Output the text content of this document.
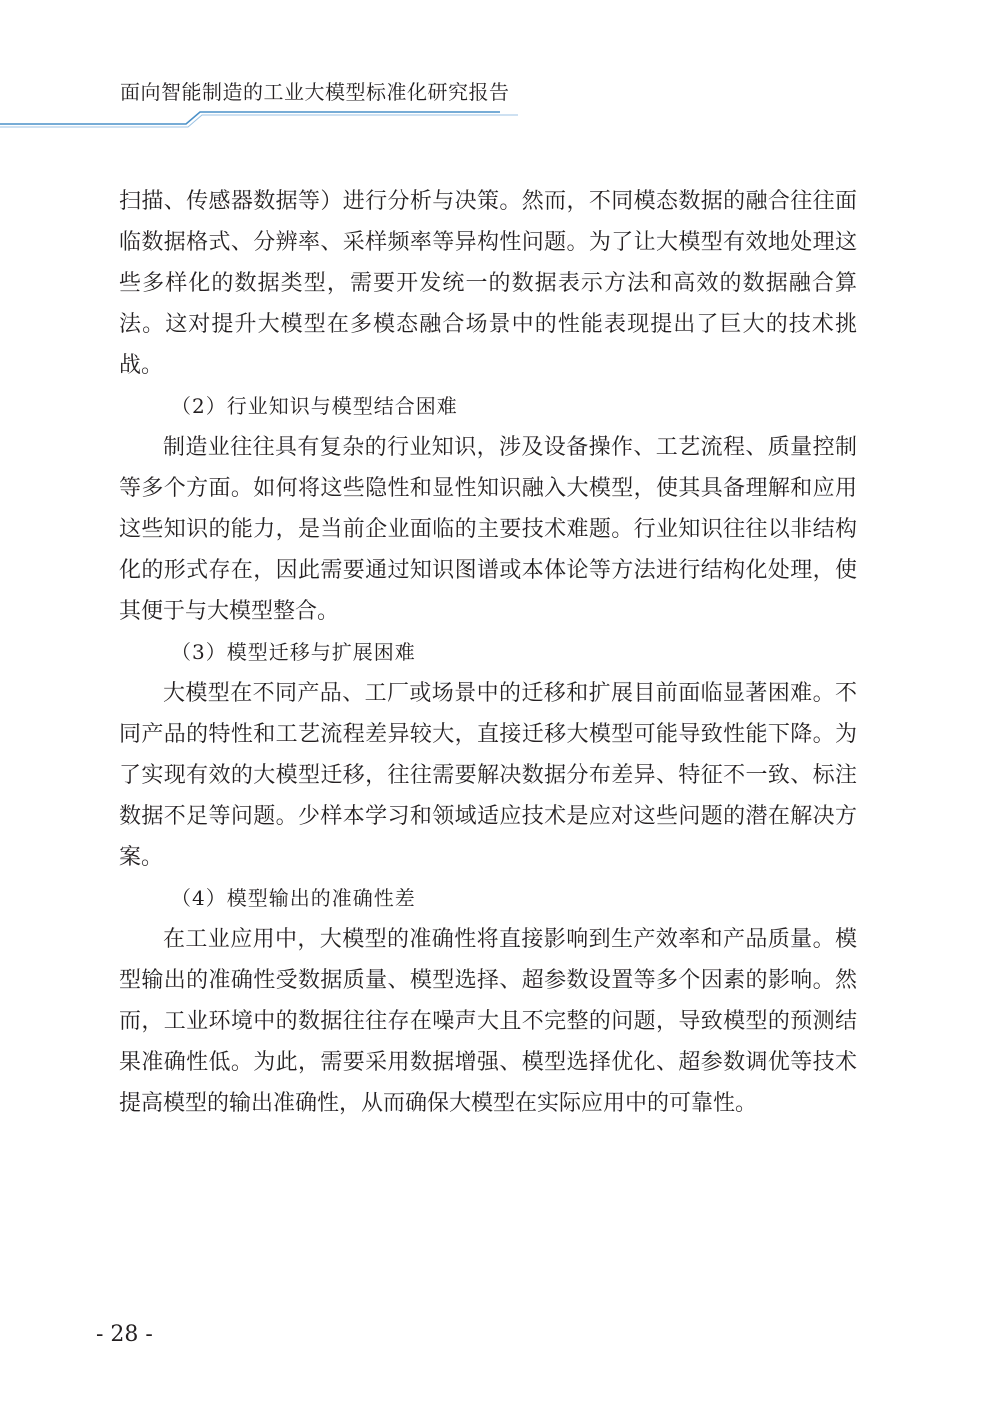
面向智能制造的工业大模型标准化研究报告

扫描、传感器数据等）进行分析与决策。然而，不同模态数据的融合往往面临数据格式、分辨率、采样频率等异构性问题。为了让大模型有效地处理这些多样化的数据类型，需要开发统一的数据表示方法和高效的数据融合算法。这对提升大模型在多模态融合场景中的性能表现提出了巨大的技术挑战。

（2）行业知识与模型结合困难

制造业往往具有复杂的行业知识，涉及设备操作、工艺流程、质量控制等多个方面。如何将这些隐性和显性知识融入大模型，使其具备理解和应用这些知识的能力，是当前企业面临的主要技术难题。行业知识往往以非结构化的形式存在，因此需要通过知识图谱或本体论等方法进行结构化处理，使其便于与大模型整合。

（3）模型迁移与扩展困难

大模型在不同产品、工厂或场景中的迁移和扩展目前面临显著困难。不同产品的特性和工艺流程差异较大，直接迁移大模型可能导致性能下降。为了实现有效的大模型迁移，往往需要解决数据分布差异、特征不一致、标注数据不足等问题。少样本学习和领域适应技术是应对这些问题的潜在解决方案。

（4）模型输出的准确性差

在工业应用中，大模型的准确性将直接影响到生产效率和产品质量。模型输出的准确性受数据质量、模型选择、超参数设置等多个因素的影响。然而，工业环境中的数据往往存在噪声大且不完整的问题，导致模型的预测结果准确性低。为此，需要采用数据增强、模型选择优化、超参数调优等技术提高模型的输出准确性，从而确保大模型在实际应用中的可靠性。

- 28 -
